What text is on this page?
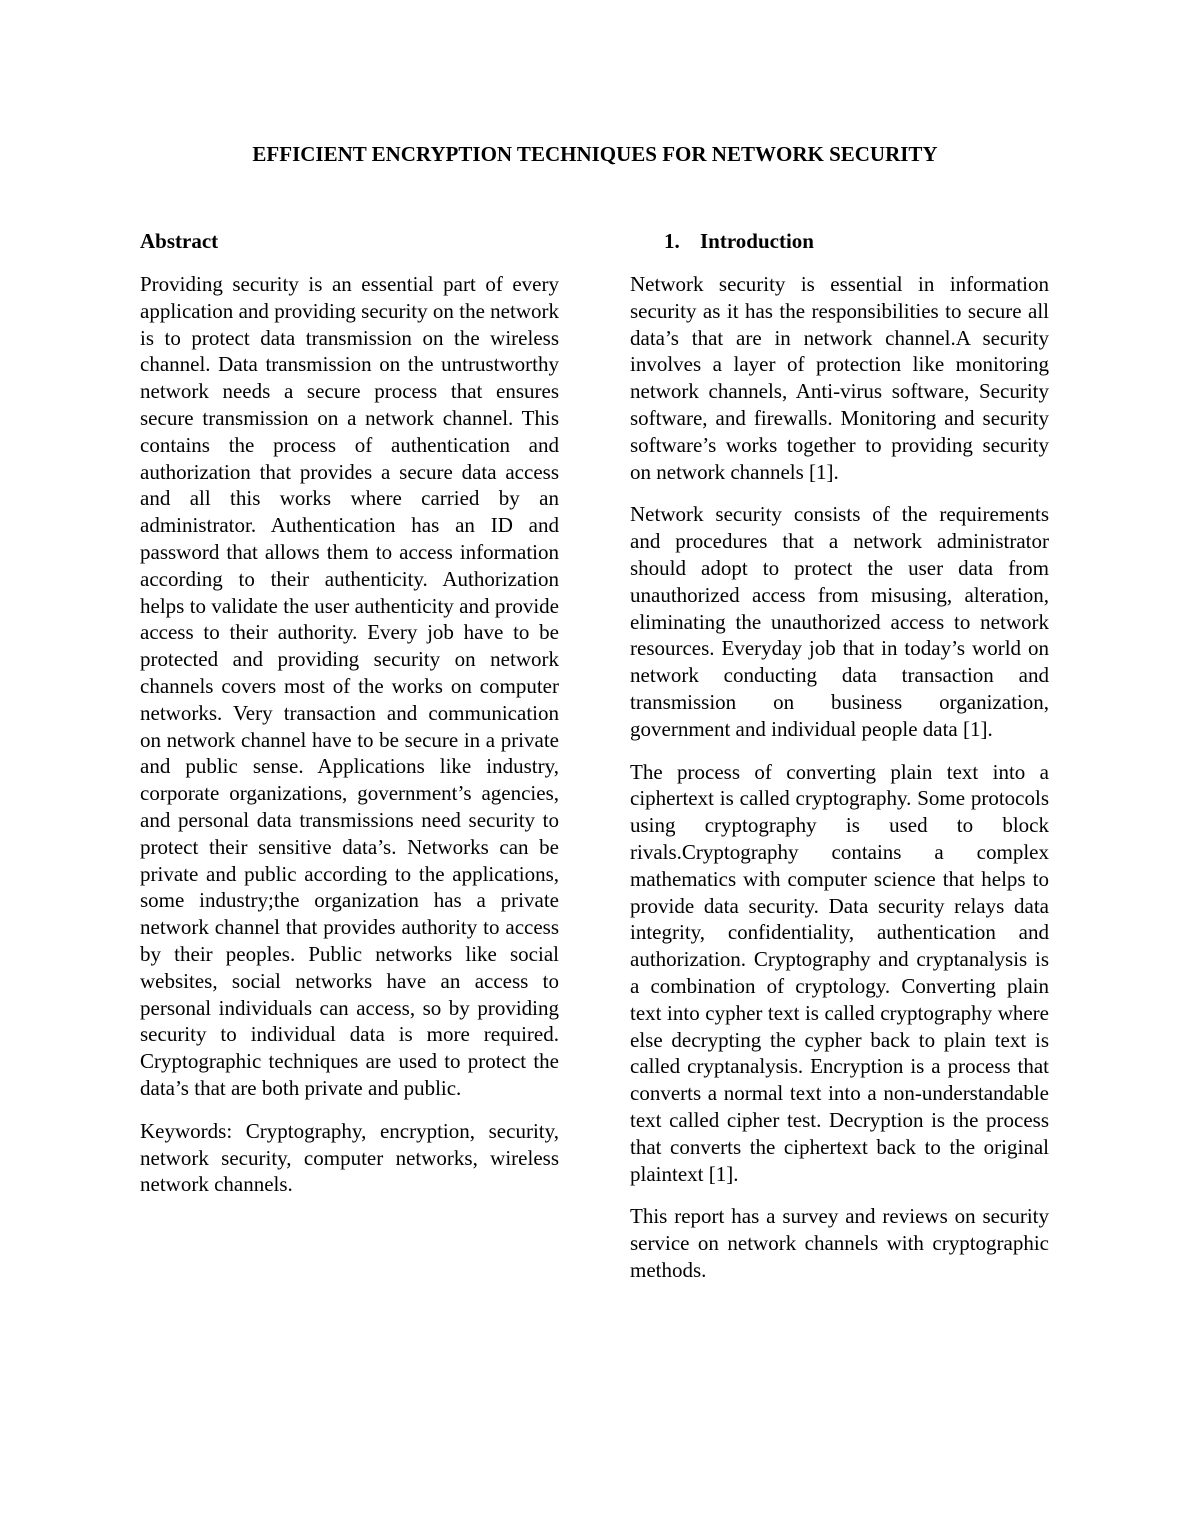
EFFICIENT ENCRYPTION TECHNIQUES FOR NETWORK SECURITY
Abstract

Providing security is an essential part of every application and providing security on the network is to protect data transmission on the wireless channel. Data transmission on the untrustworthy network needs a secure process that ensures secure transmission on a network channel. This contains the process of authentication and authorization that provides a secure data access and all this works where carried by an administrator. Authentication has an ID and password that allows them to access information according to their authenticity. Authorization helps to validate the user authenticity and provide access to their authority. Every job have to be protected and providing security on network channels covers most of the works on computer networks. Very transaction and communication on network channel have to be secure in a private and public sense. Applications like industry, corporate organizations, government’s agencies, and personal data transmissions need security to protect their sensitive data’s. Networks can be private and public according to the applications, some industry;the organization has a private network channel that provides authority to access by their peoples. Public networks like social websites, social networks have an access to personal individuals can access, so by providing security to individual data is more required. Cryptographic techniques are used to protect the data’s that are both private and public.

Keywords: Cryptography, encryption, security, network security, computer networks, wireless network channels.

1. Introduction

Network security is essential in information security as it has the responsibilities to secure all data’s that are in network channel.A security involves a layer of protection like monitoring network channels, Anti-virus software, Security software, and firewalls. Monitoring and security software’s works together to providing security on network channels [1].

Network security consists of the requirements and procedures that a network administrator should adopt to protect the user data from unauthorized access from misusing, alteration, eliminating the unauthorized access to network resources. Everyday job that in today’s world on network conducting data transaction and transmission on business organization, government and individual people data [1].

The process of converting plain text into a ciphertext is called cryptography. Some protocols using cryptography is used to block rivals.Cryptography contains a complex mathematics with computer science that helps to provide data security. Data security relays data integrity, confidentiality, authentication and authorization. Cryptography and cryptanalysis is a combination of cryptology. Converting plain text into cypher text is called cryptography where else decrypting the cypher back to plain text is called cryptanalysis. Encryption is a process that converts a normal text into a non-understandable text called cipher test. Decryption is the process that converts the ciphertext back to the original plaintext [1].

This report has a survey and reviews on security service on network channels with cryptographic methods.
